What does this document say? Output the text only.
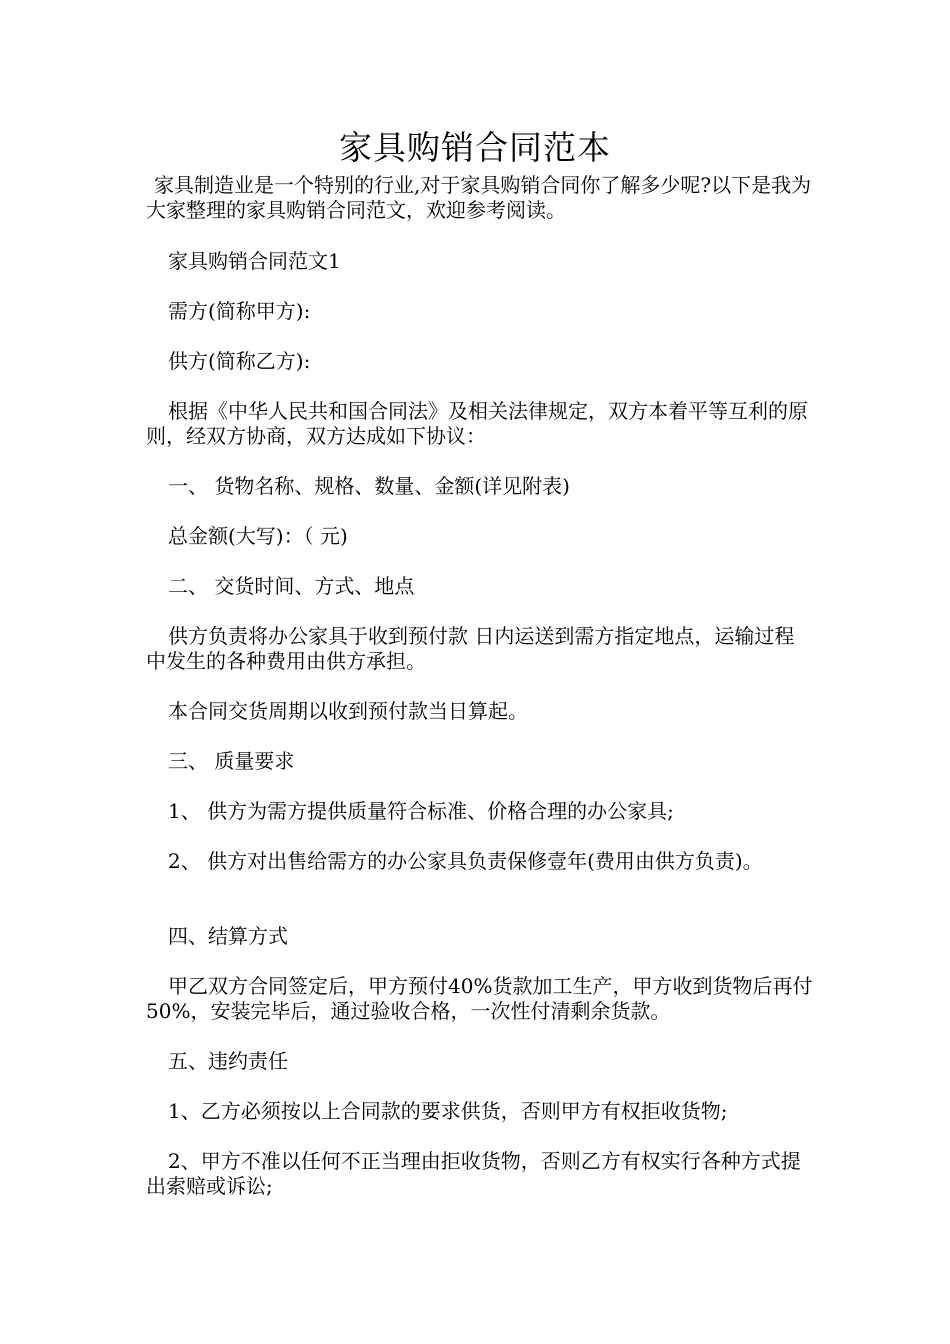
家具购销合同范本

家具制造业是一个特别的行业,对于家具购销合同你了解多少呢?以下是我为大家整理的家具购销合同范文，欢迎参考阅读。

家具购销合同范文1

需方(简称甲方):

供方(简称乙方):

根据《中华人民共和国合同法》及相关法律规定，双方本着平等互利的原则，经双方协商，双方达成如下协议：

一、 货物名称、规格、数量、金额(详见附表)

总金额(大写)：（ 元)

二、 交货时间、方式、地点

供方负责将办公家具于收到预付款 日内运送到需方指定地点，运输过程中发生的各种费用由供方承担。

本合同交货周期以收到预付款当日算起。

三、 质量要求

1、 供方为需方提供质量符合标准、价格合理的办公家具;

2、 供方对出售给需方的办公家具负责保修壹年(费用由供方负责)。

四、结算方式

甲乙双方合同签定后，甲方预付40%货款加工生产，甲方收到货物后再付50%，安装完毕后，通过验收合格，一次性付清剩余货款。

五、违约责任

1、乙方必须按以上合同款的要求供货，否则甲方有权拒收货物;

2、甲方不准以任何不正当理由拒收货物，否则乙方有权实行各种方式提出索赔或诉讼;
